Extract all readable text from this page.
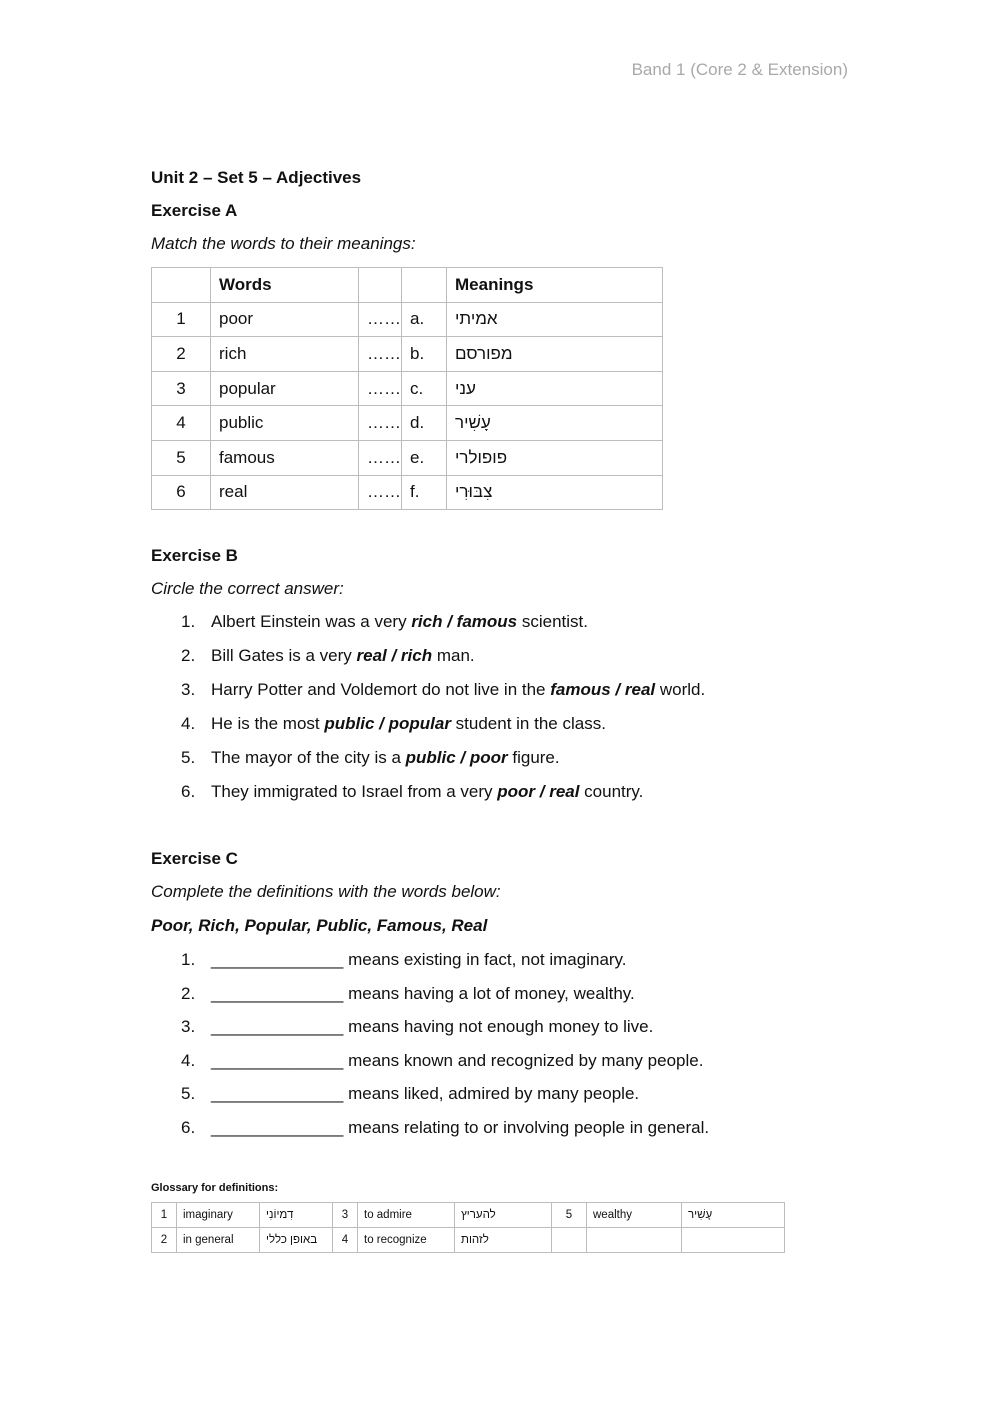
Band 1 (Core 2 & Extension)
Unit 2 – Set 5 – Adjectives
Exercise A
Match the words to their meanings:
	Words			Meanings
1	poor	……	a.	אמיתי
2	rich	……	b.	מפורסם
3	popular	……	c.	עני
4	public	……	d.	עָשִׁיר
5	famous	……	e.	פופולרי
6	real	……	f.	צִבּוּרִי
Exercise B
Circle the correct answer:
1. Albert Einstein was a very rich / famous scientist.
2. Bill Gates is a very real / rich man.
3. Harry Potter and Voldemort do not live in the famous / real world.
4. He is the most public / popular student in the class.
5. The mayor of the city is a public / poor figure.
6. They immigrated to Israel from a very poor / real country.
Exercise C
Complete the definitions with the words below:
Poor, Rich, Popular, Public, Famous, Real
1. ______________ means existing in fact, not imaginary.
2. ______________ means having a lot of money, wealthy.
3. ______________ means having not enough money to live.
4. ______________ means known and recognized by many people.
5. ______________ means liked, admired by many people.
6. ______________ means relating to or involving people in general.
Glossary for definitions:
1	imaginary	דִמיוֹנִי	3	to admire	להעריץ	5	wealthy	עָשִׁיר
2	in general	באופן כללי	4	to recognize	לזהות			
